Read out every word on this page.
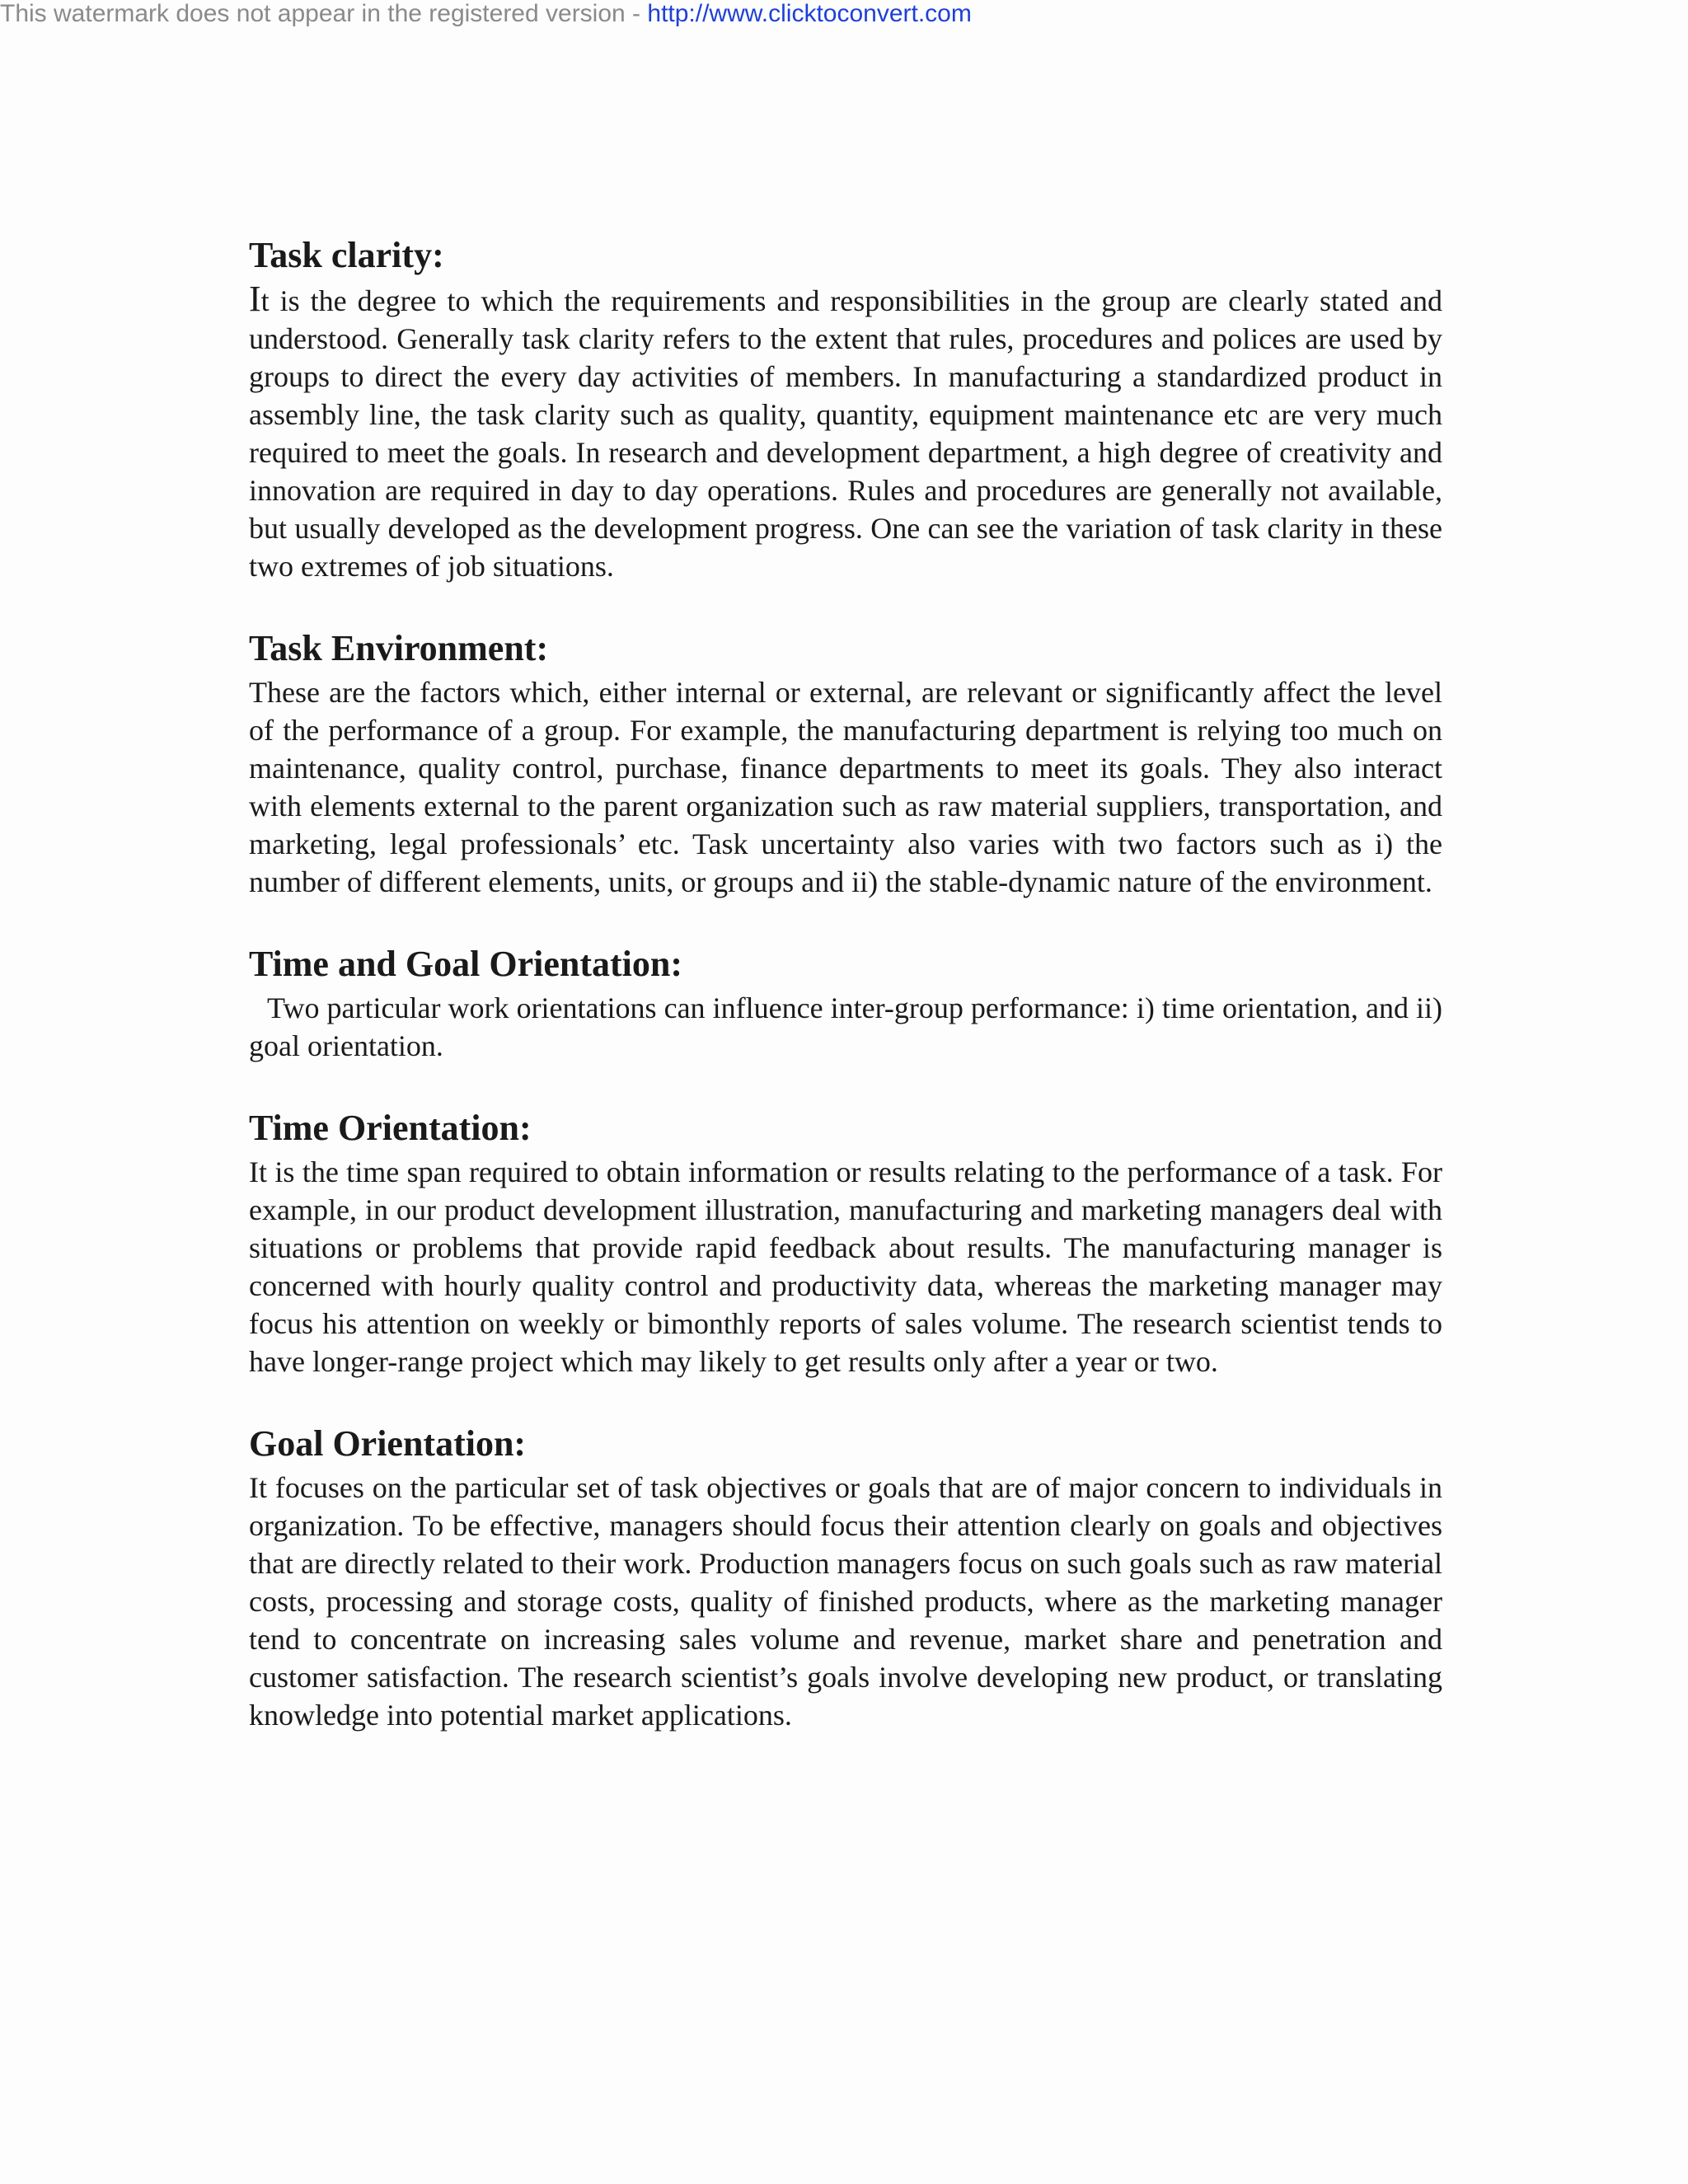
This watermark does not appear in the registered version - http://www.clicktoconvert.com
Task clarity:

It is the degree to which the requirements and responsibilities in the group are clearly stated and understood. Generally task clarity refers to the extent that rules, procedures and polices are used by groups to direct the every day activities of members. In manufacturing a standardized product in assembly line, the task clarity such as quality, quantity, equipment maintenance etc are very much required to meet the goals. In research and development department, a high degree of creativity and innovation are required in day to day operations. Rules and procedures are generally not available, but usually developed as the development progress. One can see the variation of task clarity in these two extremes of job situations.

Task Environment:

These are the factors which, either internal or external, are relevant or significantly affect the level of the performance of a group. For example, the manufacturing department is relying too much on maintenance, quality control, purchase, finance departments to meet its goals. They also interact with elements external to the parent organization such as raw material suppliers, transportation, and marketing, legal professionals’ etc. Task uncertainty also varies with two factors such as i) the number of different elements, units, or groups and ii) the stable-dynamic nature of the environment.

Time and Goal Orientation:

Two particular work orientations can influence inter-group performance: i) time orientation, and ii) goal orientation.

Time Orientation:

It is the time span required to obtain information or results relating to the performance of a task. For example, in our product development illustration, manufacturing and marketing managers deal with situations or problems that provide rapid feedback about results. The manufacturing manager is concerned with hourly quality control and productivity data, whereas the marketing manager may focus his attention on weekly or bimonthly reports of sales volume. The research scientist tends to have longer-range project which may likely to get results only after a year or two.

Goal Orientation:

It focuses on the particular set of task objectives or goals that are of major concern to individuals in organization. To be effective, managers should focus their attention clearly on goals and objectives that are directly related to their work. Production managers focus on such goals such as raw material costs, processing and storage costs, quality of finished products, where as the marketing manager tend to concentrate on increasing sales volume and revenue, market share and penetration and customer satisfaction. The research scientist’s goals involve developing new product, or translating knowledge into potential market applications.
